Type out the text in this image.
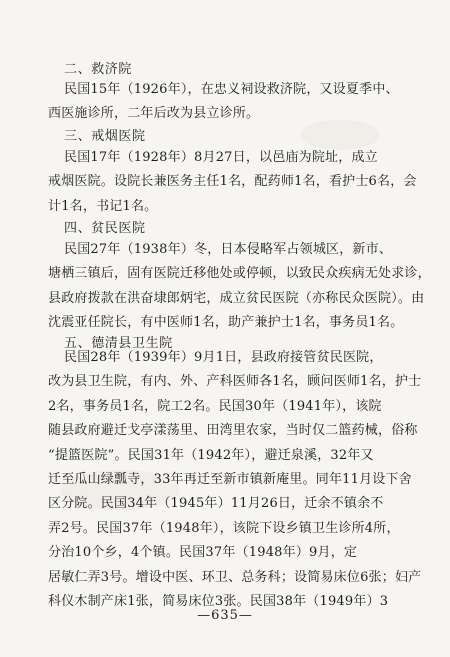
二、救济院
民国15年（1926年），在忠义祠设救济院，又设夏季中、
西医施诊所，二年后改为县立诊所。
三、戒烟医院
民国17年（1928年）8月27日，以邑庙为院址，成立
戒烟医院。设院长兼医务主任1名，配药师1名，看护士6名，会
计1名，书记1名。
四、贫民医院
民国27年（1938年）冬，日本侵略军占领城区，新市、
塘栖三镇后，固有医院迁移他处或停顿，以致民众疾病无处求诊，
县政府拨款在洪奋埭郎炳宅，成立贫民医院（亦称民众医院）。由
沈震亚任院长，有中医师1名，助产兼护士1名，事务员1名。
五、德清县卫生院
民国28年（1939年）9月1日，县政府接管贫民医院，
改为县卫生院，有内、外、产科医师各1名，顾问医师1名，护士
2名，事务员1名，院工2名。民国30年（1941年），该院
随县政府避迁戈亭漾荡里、田湾里农家，当时仅二篮药械，俗称
“提篮医院”。民国31年（1942年），避迁泉溪，32年又
迁至瓜山绿瓢寺，33年再迁至新市镇新庵里。同年11月设下舍
区分院。民国34年（1945年）11月26日，迁余不镇余不
弄2号。民国37年（1948年），该院下设乡镇卫生诊所4所，
分治10个乡，4个镇。民国37年（1948年）9月，定
居敏仁弄3号。增设中医、环卫、总务科；设简易床位6张；妇产
科仪木制产床1张，简易床位3张。民国38年（1949年）3
—635—
